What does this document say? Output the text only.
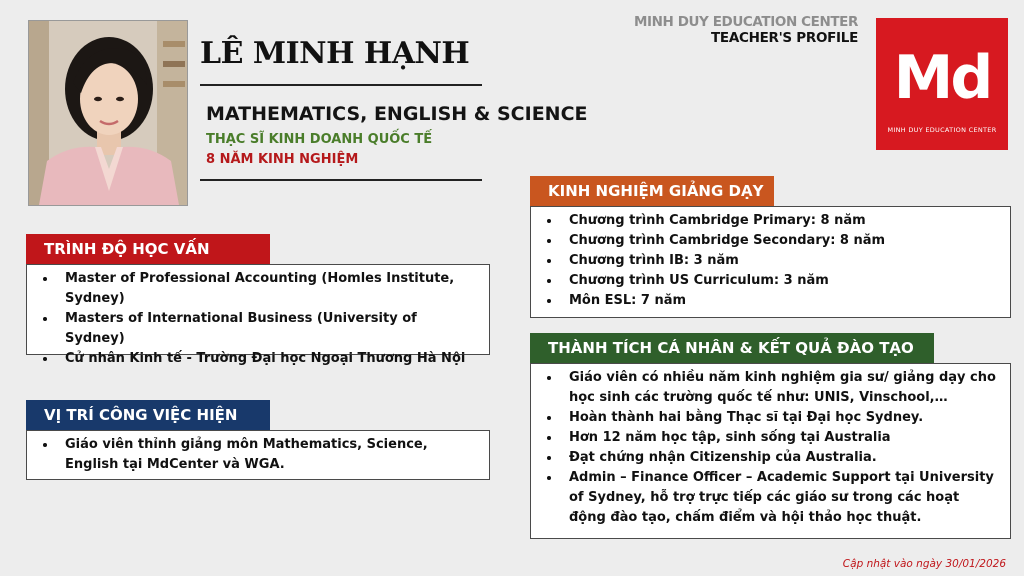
LÊ MINH HẠNH
MATHEMATICS, ENGLISH & SCIENCE
THẠC SĨ KINH DOANH QUỐC TẾ
8 NĂM KINH NGHIỆM
MINH DUY EDUCATION CENTER
TEACHER'S PROFILE
Md
MINH DUY EDUCATION CENTER
TRÌNH ĐỘ HỌC VẤN
• Master of Professional Accounting (Homles Institute, Sydney)
• Masters of International Business (University of Sydney)
• Cử nhân Kinh tế - Trường Đại học Ngoại Thương Hà Nội
VỊ TRÍ CÔNG VIỆC HIỆN
• Giáo viên thỉnh giảng môn Mathematics, Science, English tại MdCenter và WGA.
KINH NGHIỆM GIẢNG DẠY
• Chương trình Cambridge Primary: 8 năm
• Chương trình Cambridge Secondary: 8 năm
• Chương trình IB: 3 năm
• Chương trình US Curriculum: 3 năm
• Môn ESL: 7 năm
THÀNH TÍCH CÁ NHÂN & KẾT QUẢ ĐÀO TẠO
• Giáo viên có nhiều năm kinh nghiệm gia sư/ giảng dạy cho học sinh các trường quốc tế như: UNIS, Vinschool,…
• Hoàn thành hai bằng Thạc sĩ tại Đại học Sydney.
• Hơn 12 năm học tập, sinh sống tại Australia
• Đạt chứng nhận Citizenship của Australia.
• Admin – Finance Officer – Academic Support tại University of Sydney, hỗ trợ trực tiếp các giáo sư trong các hoạt động đào tạo, chấm điểm và hội thảo học thuật.
Cập nhật vào ngày 30/01/2026
